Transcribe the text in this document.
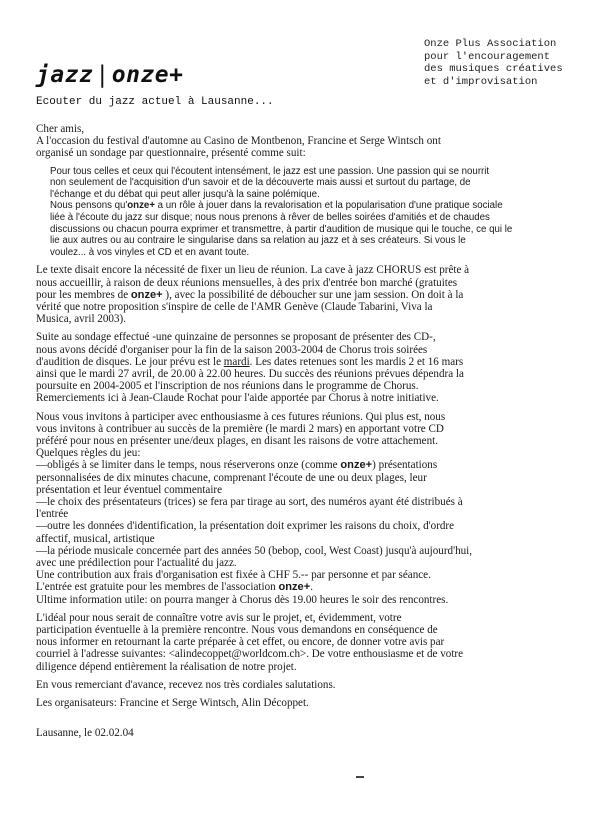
Onze Plus Association
pour l'encouragement
des musiques créatives
et d'improvisation
jazz|onze+
Ecouter du jazz actuel à Lausanne...

Cher amis,
A l'occasion du festival d'automne au Casino de Montbenon, Francine et Serge Wintsch ont
organisé un sondage par questionnaire, présenté comme suit:

Pour tous celles et ceux qui l'écoutent intensément, le jazz est une passion. Une passion qui se nourrit
non seulement de l'acquisition d'un savoir et de la découverte mais aussi et surtout du partage, de
l'échange et du débat qui peut aller jusqu'à la saine polémique.
Nous pensons qu'onze+ a un rôle à jouer dans la revalorisation et la popularisation d'une pratique sociale
liée à l'écoute du jazz sur disque; nous nous prenons à rêver de belles soirées d'amitiés et de chaudes
discussions ou chacun pourra exprimer et transmettre, à partir d'audition de musique qui le touche, ce qui le
lie aux autres ou au contraire le singularise dans sa relation au jazz et à ses créateurs. Si vous le
voulez... à vos vinyles et CD et en avant toute.

Le texte disait encore la nécessité de fixer un lieu de réunion. La cave à jazz CHORUS est prête à
nous accueillir, à raison de deux réunions mensuelles, à des prix d'entrée bon marché (gratuites
pour les membres de onze+ ), avec la possibilité de déboucher sur une jam session. On doit à la
vérité que notre proposition s'inspire de celle de l'AMR Genève (Claude Tabarini, Viva la
Musica, avril 2003).

Suite au sondage effectué -une quinzaine de personnes se proposant de présenter des CD-,
nous avons décidé d'organiser pour la fin de la saison 2003-2004 de Chorus trois soirées
d'audition de disques. Le jour prévu est le mardi. Les dates retenues sont les mardis 2 et 16 mars
ainsi que le mardi 27 avril, de 20.00 à 22.00 heures. Du succès des réunions prévues dépendra la
poursuite en 2004-2005 et l'inscription de nos réunions dans le programme de Chorus.
Remerciements ici à Jean-Claude Rochat pour l'aide apportée par Chorus à notre initiative.

Nous vous invitons à participer avec enthousiasme à ces futures réunions. Qui plus est, nous
vous invitons à contribuer au succès de la première (le mardi 2 mars) en apportant votre CD
préféré pour nous en présenter une/deux plages, en disant les raisons de votre attachement.
Quelques règles du jeu:
—obligés à se limiter dans le temps, nous réserverons onze (comme onze+) présentations
personnalisées de dix minutes chacune, comprenant l'écoute de une ou deux plages, leur
présentation et leur éventuel commentaire
—le choix des présentateurs (trices) se fera par tirage au sort, des numéros ayant été distribués à
l'entrée
—outre les données d'identification, la présentation doit exprimer les raisons du choix, d'ordre
affectif, musical, artistique
—la période musicale concernée part des années 50 (bebop, cool, West Coast) jusqu'à aujourd'hui,
avec une prédilection pour l'actualité du jazz.
Une contribution aux frais d'organisation est fixée à CHF 5.-- par personne et par séance.
L'entrée est gratuite pour les membres de l'association onze+.
Ultime information utile: on pourra manger à Chorus dès 19.00 heures le soir des rencontres.

L'idéal pour nous serait de connaître votre avis sur le projet, et, évidemment, votre
participation éventuelle à la première rencontre. Nous vous demandons en conséquence de
nous informer en retournant la carte préparée à cet effet, ou encore, de donner votre avis par
courriel à l'adresse suivantes: <alindecoppet@worldcom.ch>. De votre enthousiasme et de votre
diligence dépend entièrement la réalisation de notre projet.

En vous remerciant d'avance, recevez nos très cordiales salutations.

Les organisateurs: Francine et Serge Wintsch, Alin Décoppet.

Lausanne, le 02.02.04
